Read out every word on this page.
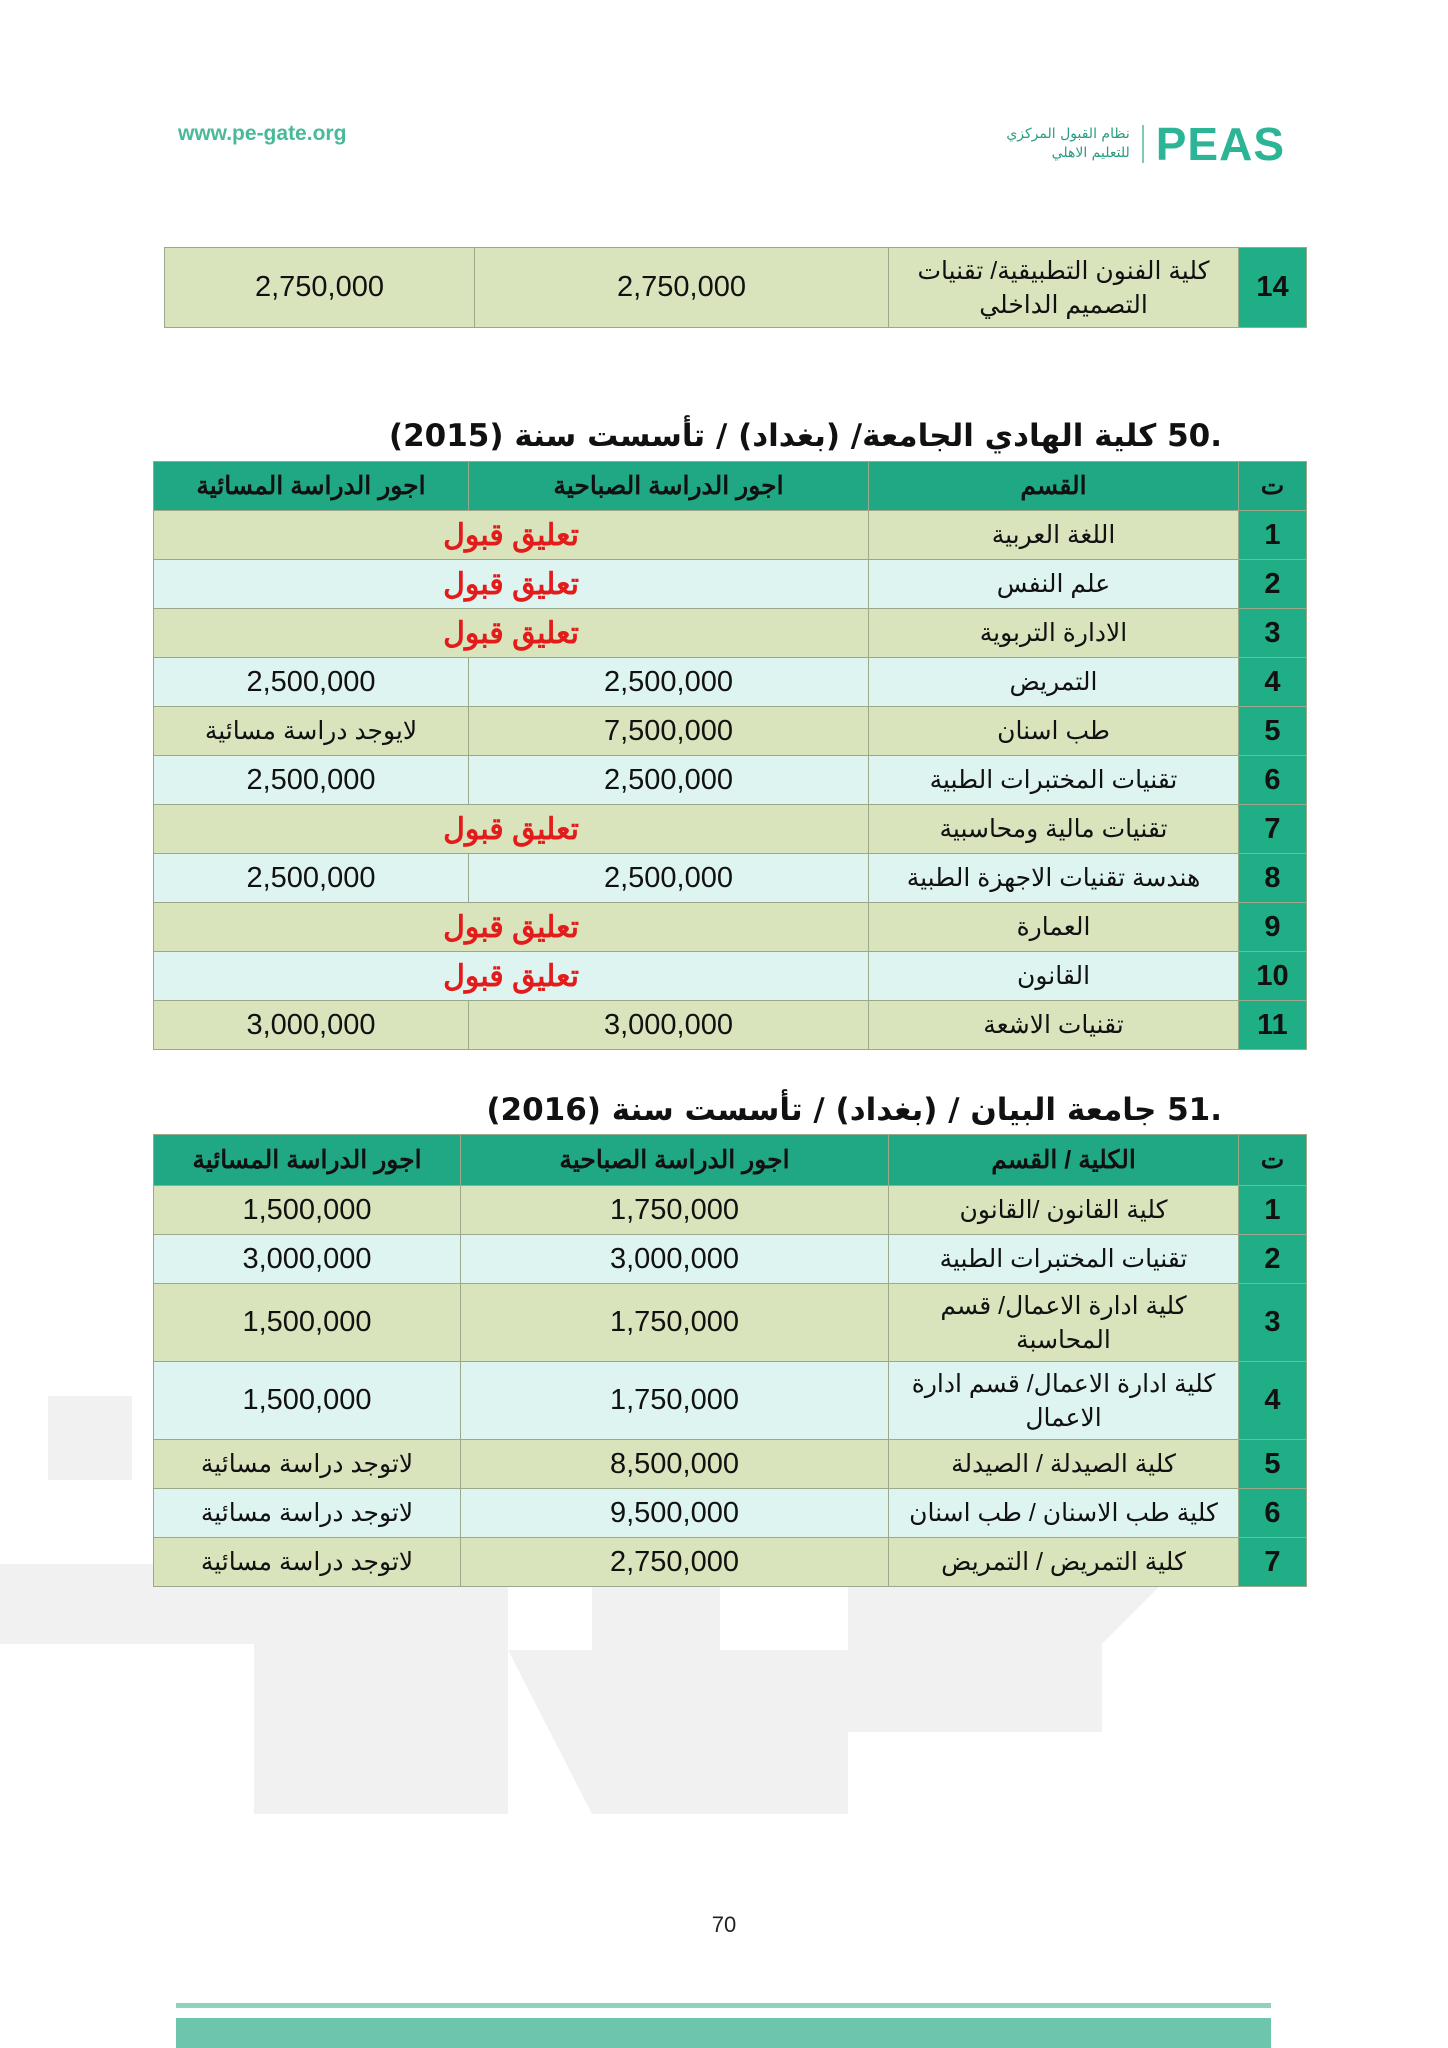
www.pe-gate.org	PEAS
نظام القبول المركزي
للتعليم الاهلي
14	كلية الفنون التطبيقية/ تقنيات التصميم الداخلي	2,750,000	2,750,000
.50 كلية الهادي الجامعة/ (بغداد) / تأسست سنة (2015)
ت	القسم	اجور الدراسة الصباحية	اجور الدراسة المسائية
1	اللغة العربية	تعليق قبول	
2	علم النفس	تعليق قبول	
3	الادارة التربوية	تعليق قبول	
4	التمريض	2,500,000	2,500,000
5	طب اسنان	7,500,000	لايوجد دراسة مسائية
6	تقنيات المختبرات الطبية	2,500,000	2,500,000
7	تقنيات مالية ومحاسبية	تعليق قبول	
8	هندسة تقنيات الاجهزة الطبية	2,500,000	2,500,000
9	العمارة	تعليق قبول	
10	القانون	تعليق قبول	
11	تقنيات الاشعة	3,000,000	3,000,000
.51 جامعة البيان / (بغداد) / تأسست سنة (2016)
ت	الكلية / القسم	اجور الدراسة الصباحية	اجور الدراسة المسائية
1	كلية القانون /القانون	1,750,000	1,500,000
2	تقنيات المختبرات الطبية	3,000,000	3,000,000
3	كلية ادارة الاعمال/ قسم المحاسبة	1,750,000	1,500,000
4	كلية ادارة الاعمال/ قسم ادارة الاعمال	1,750,000	1,500,000
5	كلية الصيدلة / الصيدلة	8,500,000	لاتوجد دراسة مسائية
6	كلية طب الاسنان / طب اسنان	9,500,000	لاتوجد دراسة مسائية
7	كلية التمريض / التمريض	2,750,000	لاتوجد دراسة مسائية
70
